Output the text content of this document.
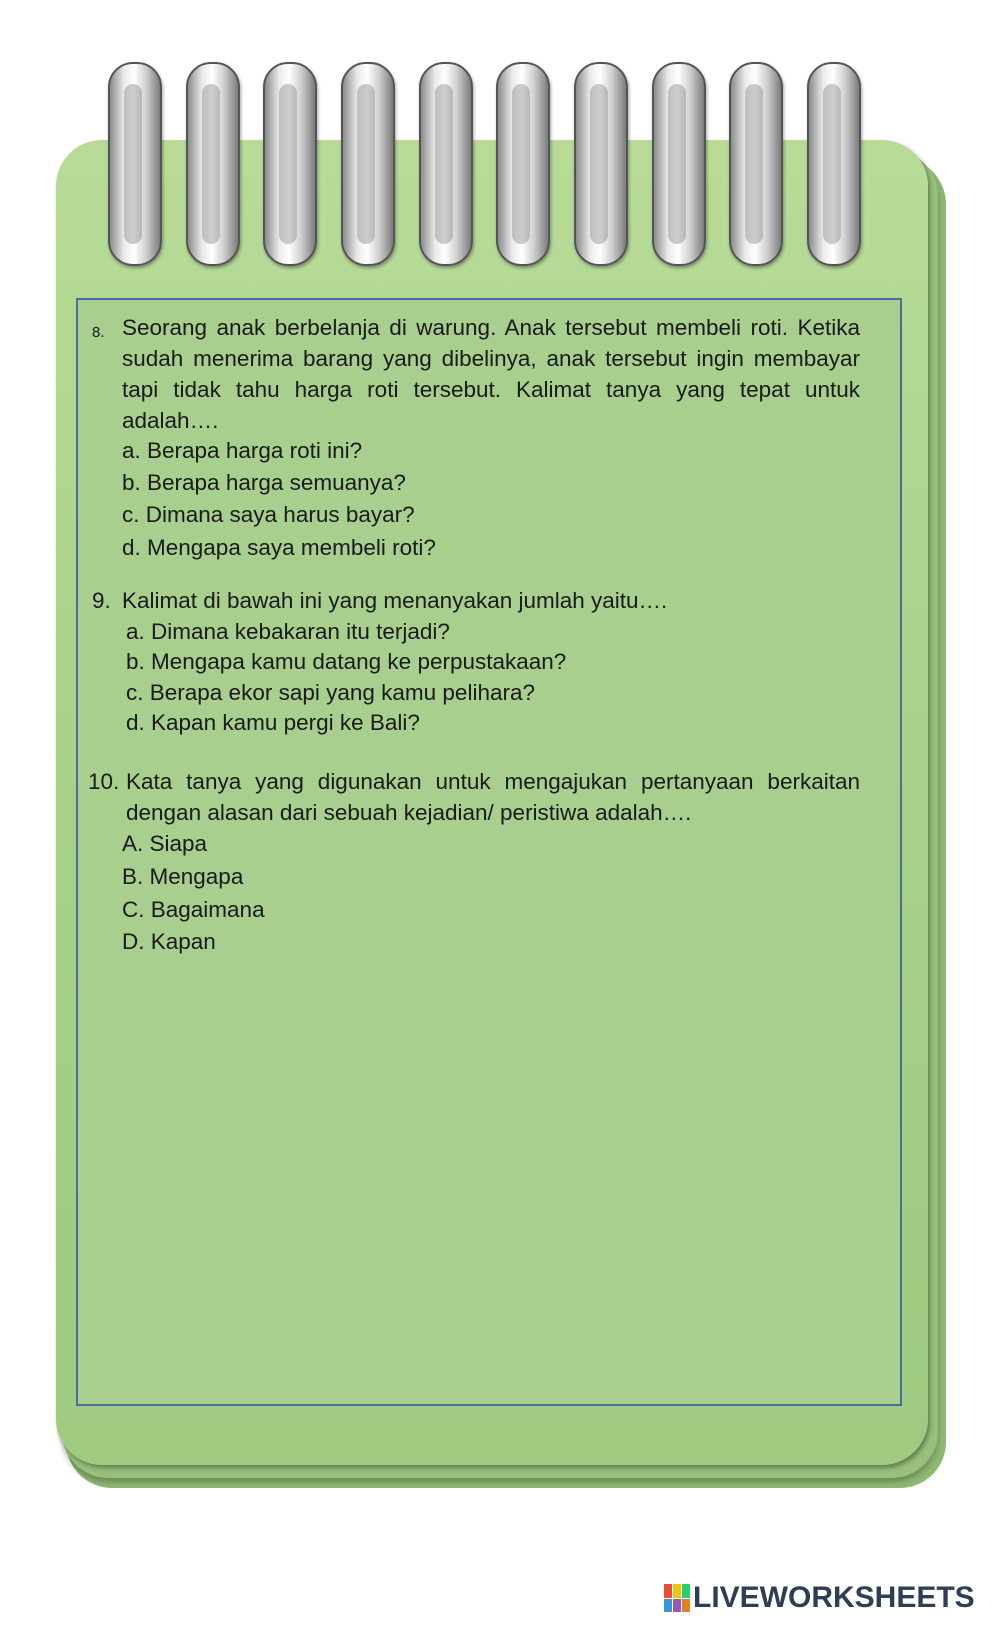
8. Seorang anak berbelanja di warung. Anak tersebut membeli roti. Ketika sudah menerima barang yang dibelinya, anak tersebut ingin membayar tapi tidak tahu harga roti tersebut. Kalimat tanya yang tepat untuk adalah….
a. Berapa harga roti ini?
b. Berapa harga semuanya?
c. Dimana saya harus bayar?
d. Mengapa saya membeli roti?
9. Kalimat di bawah ini yang menanyakan jumlah yaitu….
a. Dimana kebakaran itu terjadi?
b. Mengapa kamu datang ke perpustakaan?
c. Berapa ekor sapi yang kamu pelihara?
d. Kapan kamu pergi ke Bali?
10. Kata tanya yang digunakan untuk mengajukan pertanyaan berkaitan dengan alasan dari sebuah kejadian/ peristiwa adalah….
A. Siapa
B. Mengapa
C. Bagaimana
D. Kapan
LIVEWORKSHEETS
